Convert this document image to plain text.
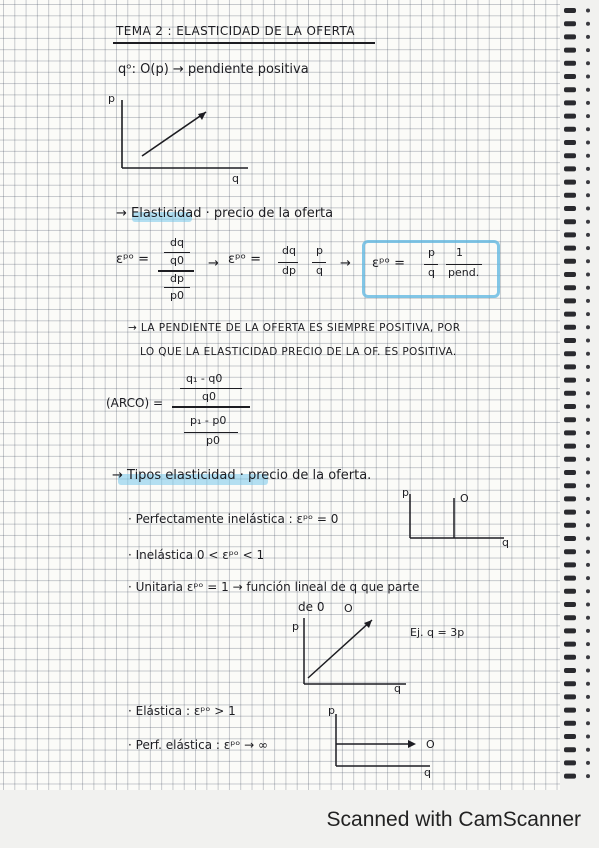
TEMA 2 : ELASTICIDAD DE LA OFERTA
qᵒ: O(p) → pendiente positiva
p
q
→ Elasticidad · precio de la oferta
εᵖᵒ =
dq
q0
dp
p0
→ εᵖᵒ =
dq
dp
p
q → εᵖᵒ =
p
q
1
pend.
→ LA PENDIENTE DE LA OFERTA ES SIEMPRE POSITIVA, POR
LO QUE LA ELASTICIDAD PRECIO DE LA OF. ES POSITIVA.
(ARCO) =
q₁ - q0
q0
p₁ - p0
p0
→ Tipos elasticidad · precio de la oferta.
· Perfectamente inelástica : εᵖᵒ = 0
p	O
q
· Inelástica 0 < εᵖᵒ < 1
· Unitaria εᵖᵒ = 1 → función lineal de q que parte
de 0
p
O
q
Ej. q = 3p
· Elástica : εᵖᵒ > 1
· Perf. elástica : εᵖᵒ → ∞
p
O
q
Scanned with CamScanner
